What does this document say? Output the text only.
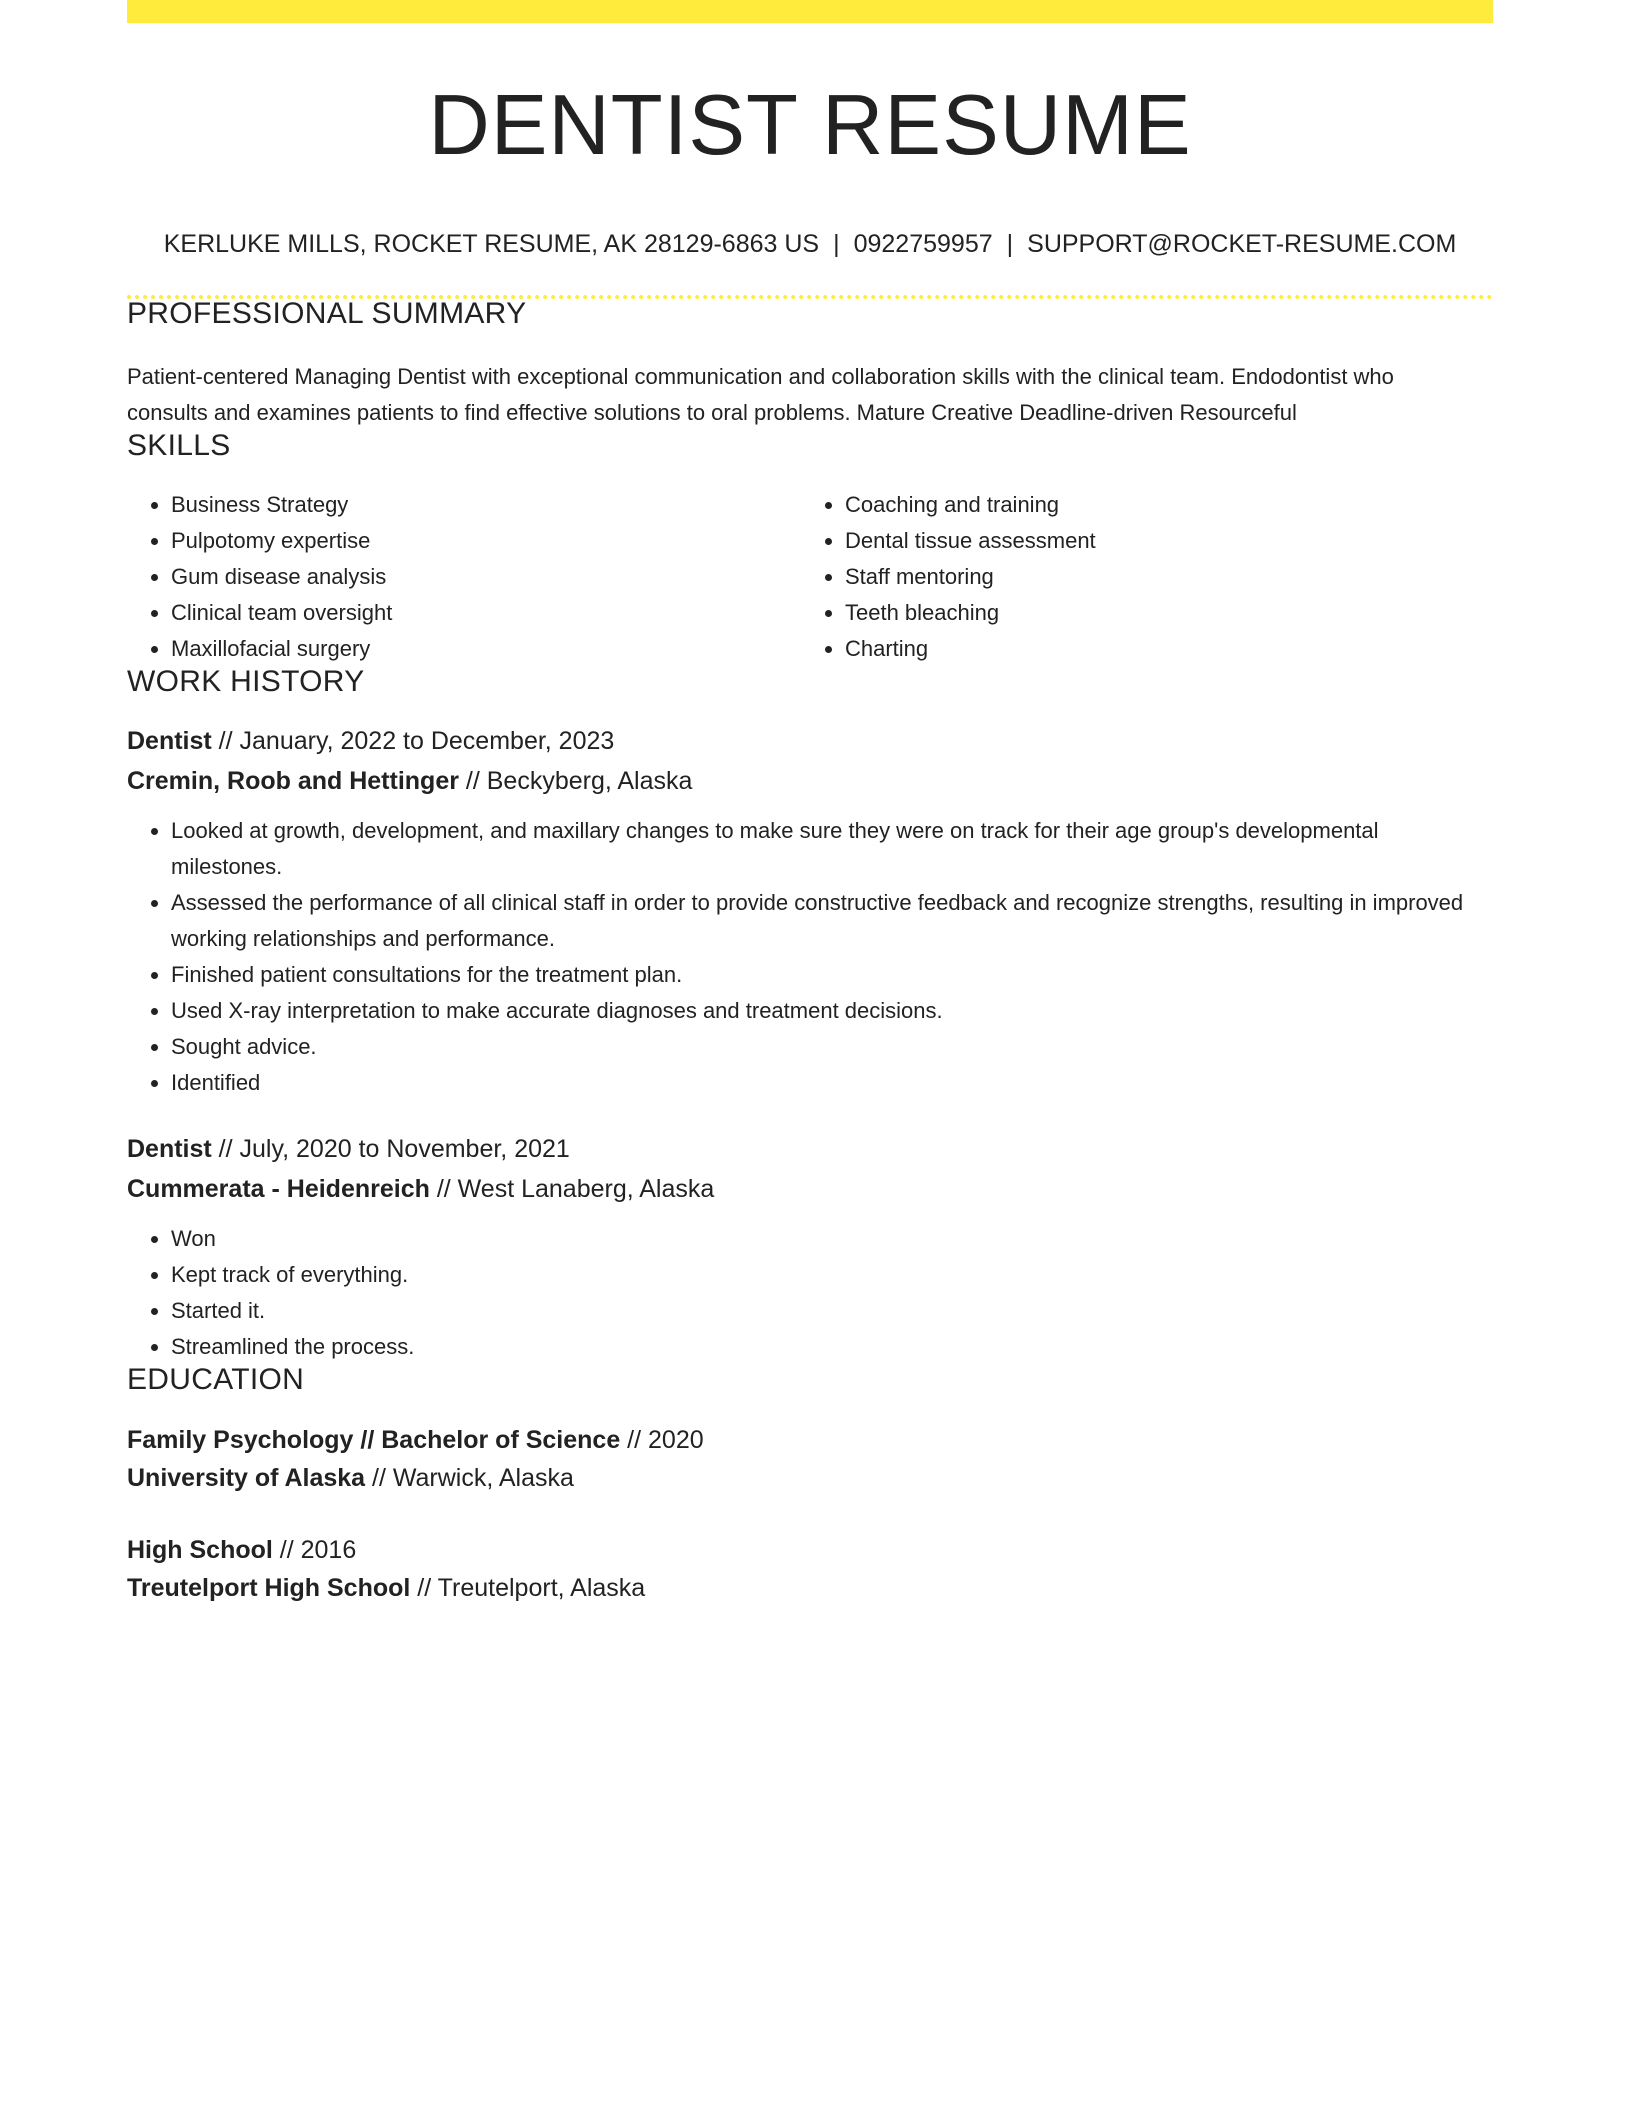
DENTIST RESUME
KERLUKE MILLS, ROCKET RESUME, AK 28129-6863 US | 0922759957 | SUPPORT@ROCKET-RESUME.COM
PROFESSIONAL SUMMARY
Patient-centered Managing Dentist with exceptional communication and collaboration skills with the clinical team. Endodontist who consults and examines patients to find effective solutions to oral problems. Mature Creative Deadline-driven Resourceful
SKILLS
• Business Strategy
• Pulpotomy expertise
• Gum disease analysis
• Clinical team oversight
• Maxillofacial surgery
• Coaching and training
• Dental tissue assessment
• Staff mentoring
• Teeth bleaching
• Charting
WORK HISTORY
Dentist // January, 2022 to December, 2023
Cremin, Roob and Hettinger // Beckyberg, Alaska
• Looked at growth, development, and maxillary changes to make sure they were on track for their age group's developmental milestones.
• Assessed the performance of all clinical staff in order to provide constructive feedback and recognize strengths, resulting in improved working relationships and performance.
• Finished patient consultations for the treatment plan.
• Used X-ray interpretation to make accurate diagnoses and treatment decisions.
• Sought advice.
• Identified
Dentist // July, 2020 to November, 2021
Cummerata - Heidenreich // West Lanaberg, Alaska
• Won
• Kept track of everything.
• Started it.
• Streamlined the process.
EDUCATION
Family Psychology // Bachelor of Science // 2020
University of Alaska // Warwick, Alaska
High School // 2016
Treutelport High School // Treutelport, Alaska
